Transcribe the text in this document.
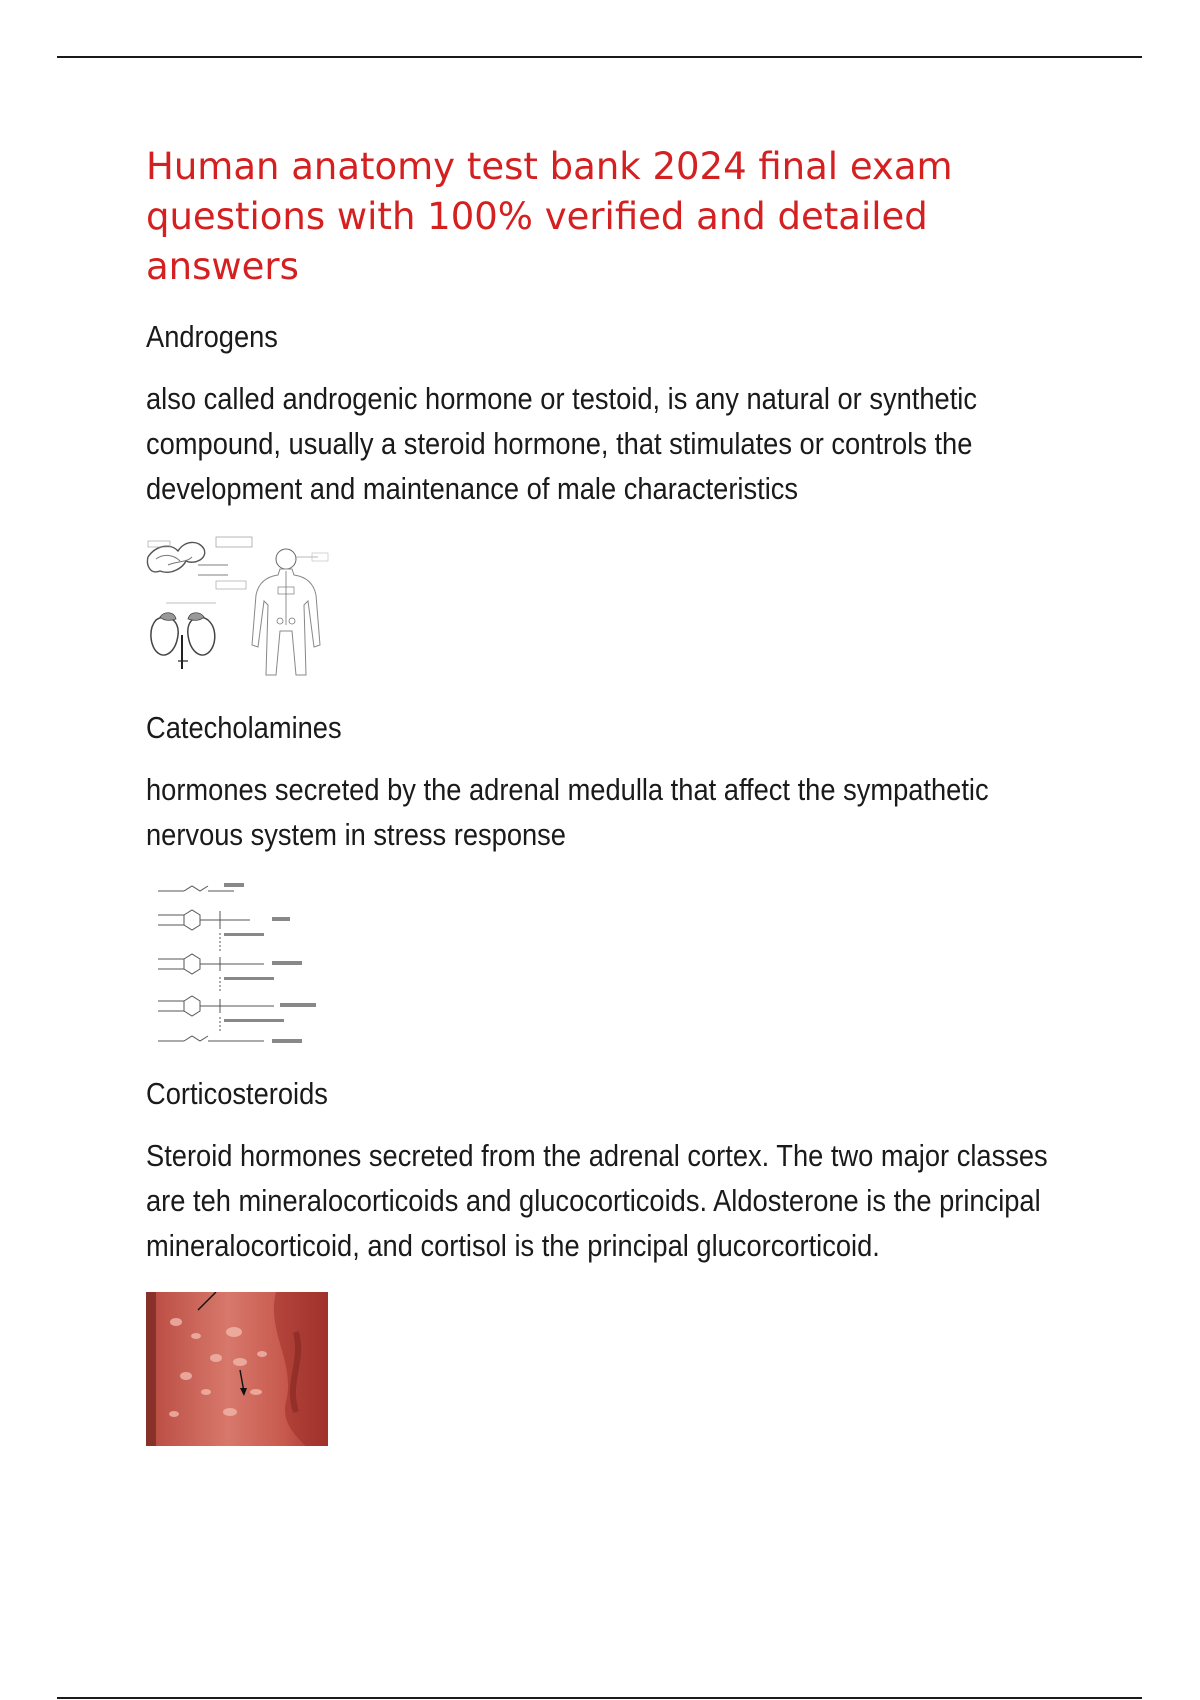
Human anatomy test bank 2024 final exam questions with 100% verified and detailed answers
Androgens
also called androgenic hormone or testoid, is any natural or synthetic compound, usually a steroid hormone, that stimulates or controls the development and maintenance of male characteristics
Catecholamines
hormones secreted by the adrenal medulla that affect the sympathetic nervous system in stress response
Corticosteroids
Steroid hormones secreted from the adrenal cortex. The two major classes are teh mineralocorticoids and glucocorticoids. Aldosterone is the principal mineralocorticoid, and cortisol is the principal glucorcorticoid.
